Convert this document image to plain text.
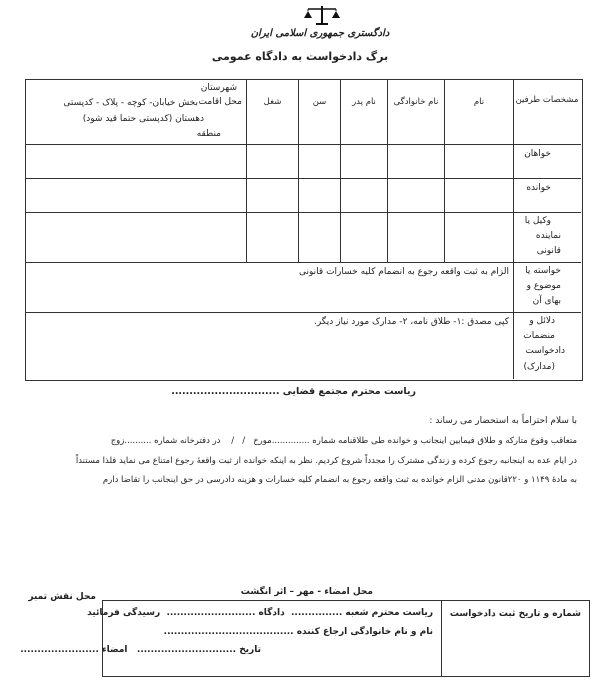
دادگستری جمهوری اسلامی ایران
برگ دادخواست به دادگاه عمومی
مشخصات طرفین
نام
نام خانوادگی
نام پدر
سن
شغل
محل اقامت
شهرستان
بخش خیابان- کوچه - پلاک - کدپستی
دهستان (کدپستی حتما قید شود)
منطقه
خواهان
خوانده
وکیل یا
نماینده
قانونی
خواسته یا
موضوع و
بهای آن
الزام به ثبت واقعه رجوع به انضمام کلیه خسارات قانونی
دلائل و
منضمات
دادخواست
(مدارک)
کپی مصدق :۱- طلاق نامه، ۲- مدارک مورد نیاز دیگر.
ریاست محترم مجتمع قضایی ..............................
با سلام احتراماً به استحضار می رساند :
متعاقب وقوع متارکه و طلاق فیمابین اینجانب و خوانده طی طلاقنامه شماره ..............مورخ   /   /    در دفترخانه شماره ..........زوج
در ایام عده به اینجانبه رجوع کرده و زندگی مشترک را مجدداً شروع کردیم. نظر به اینکه خوانده از ثبت واقعهٔ رجوع امتناع می نماید فلذا مستنداً
به مادهٔ ۱۱۴۹ و ۲۲۰قانون مدنی الزام خوانده به ثبت واقعه رجوع به انضمام کلیه خسارات و هزینه دادرسی در حق اینجانب را تقاضا دارم
محل امضاء - مهر – اثر انگشت
محل نقش تمبر
شماره و تاریخ ثبت دادخواست
ریاست محترم شعبه ...............  دادگاه ..........................  رسیدگی فرمائید
نام و نام خانوادگی ارجاع کننده ......................................
تاریخ .............................   امضاء .......................
